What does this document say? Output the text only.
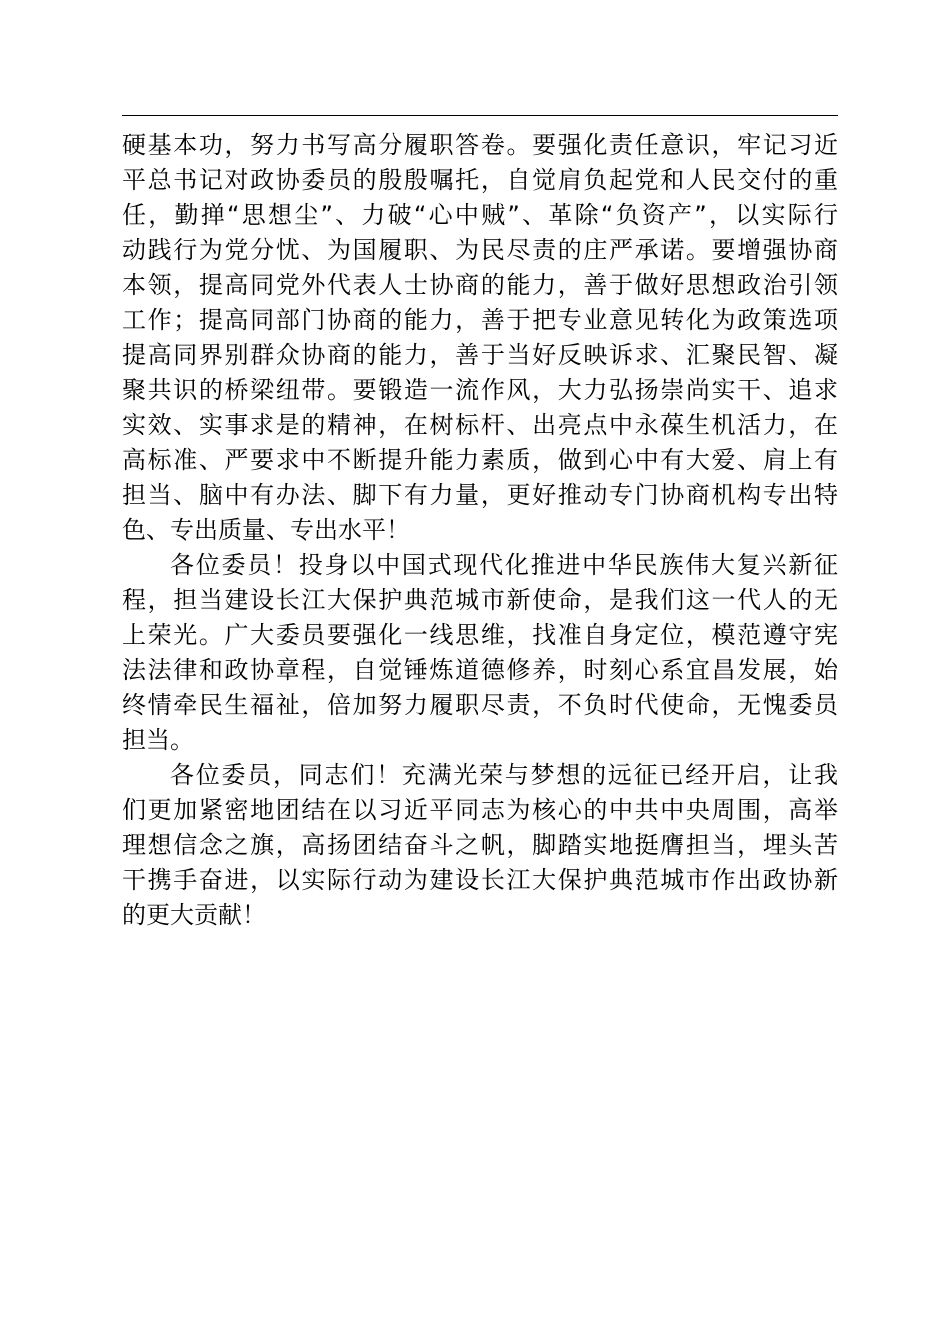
硬基本功，努力书写高分履职答卷。要强化责任意识，牢记习近
平总书记对政协委员的殷殷嘱托，自觉肩负起党和人民交付的重
任，勤掸“思想尘”、力破“心中贼”、革除“负资产”，以实际行
动践行为党分忧、为国履职、为民尽责的庄严承诺。要增强协商
本领，提高同党外代表人士协商的能力，善于做好思想政治引领
工作；提高同部门协商的能力，善于把专业意见转化为政策选项
提高同界别群众协商的能力，善于当好反映诉求、汇聚民智、凝
聚共识的桥梁纽带。要锻造一流作风，大力弘扬崇尚实干、追求
实效、实事求是的精神，在树标杆、出亮点中永葆生机活力，在
高标准、严要求中不断提升能力素质，做到心中有大爱、肩上有
担当、脑中有办法、脚下有力量，更好推动专门协商机构专出特
色、专出质量、专出水平！
各位委员！投身以中国式现代化推进中华民族伟大复兴新征
程，担当建设长江大保护典范城市新使命，是我们这一代人的无
上荣光。广大委员要强化一线思维，找准自身定位，模范遵守宪
法法律和政协章程，自觉锤炼道德修养，时刻心系宜昌发展，始
终情牵民生福祉，倍加努力履职尽责，不负时代使命，无愧委员
担当。
各位委员，同志们！充满光荣与梦想的远征已经开启，让我
们更加紧密地团结在以习近平同志为核心的中共中央周围，高举
理想信念之旗，高扬团结奋斗之帆，脚踏实地挺膺担当，埋头苦
干携手奋进，以实际行动为建设长江大保护典范城市作出政协新
的更大贡献！
